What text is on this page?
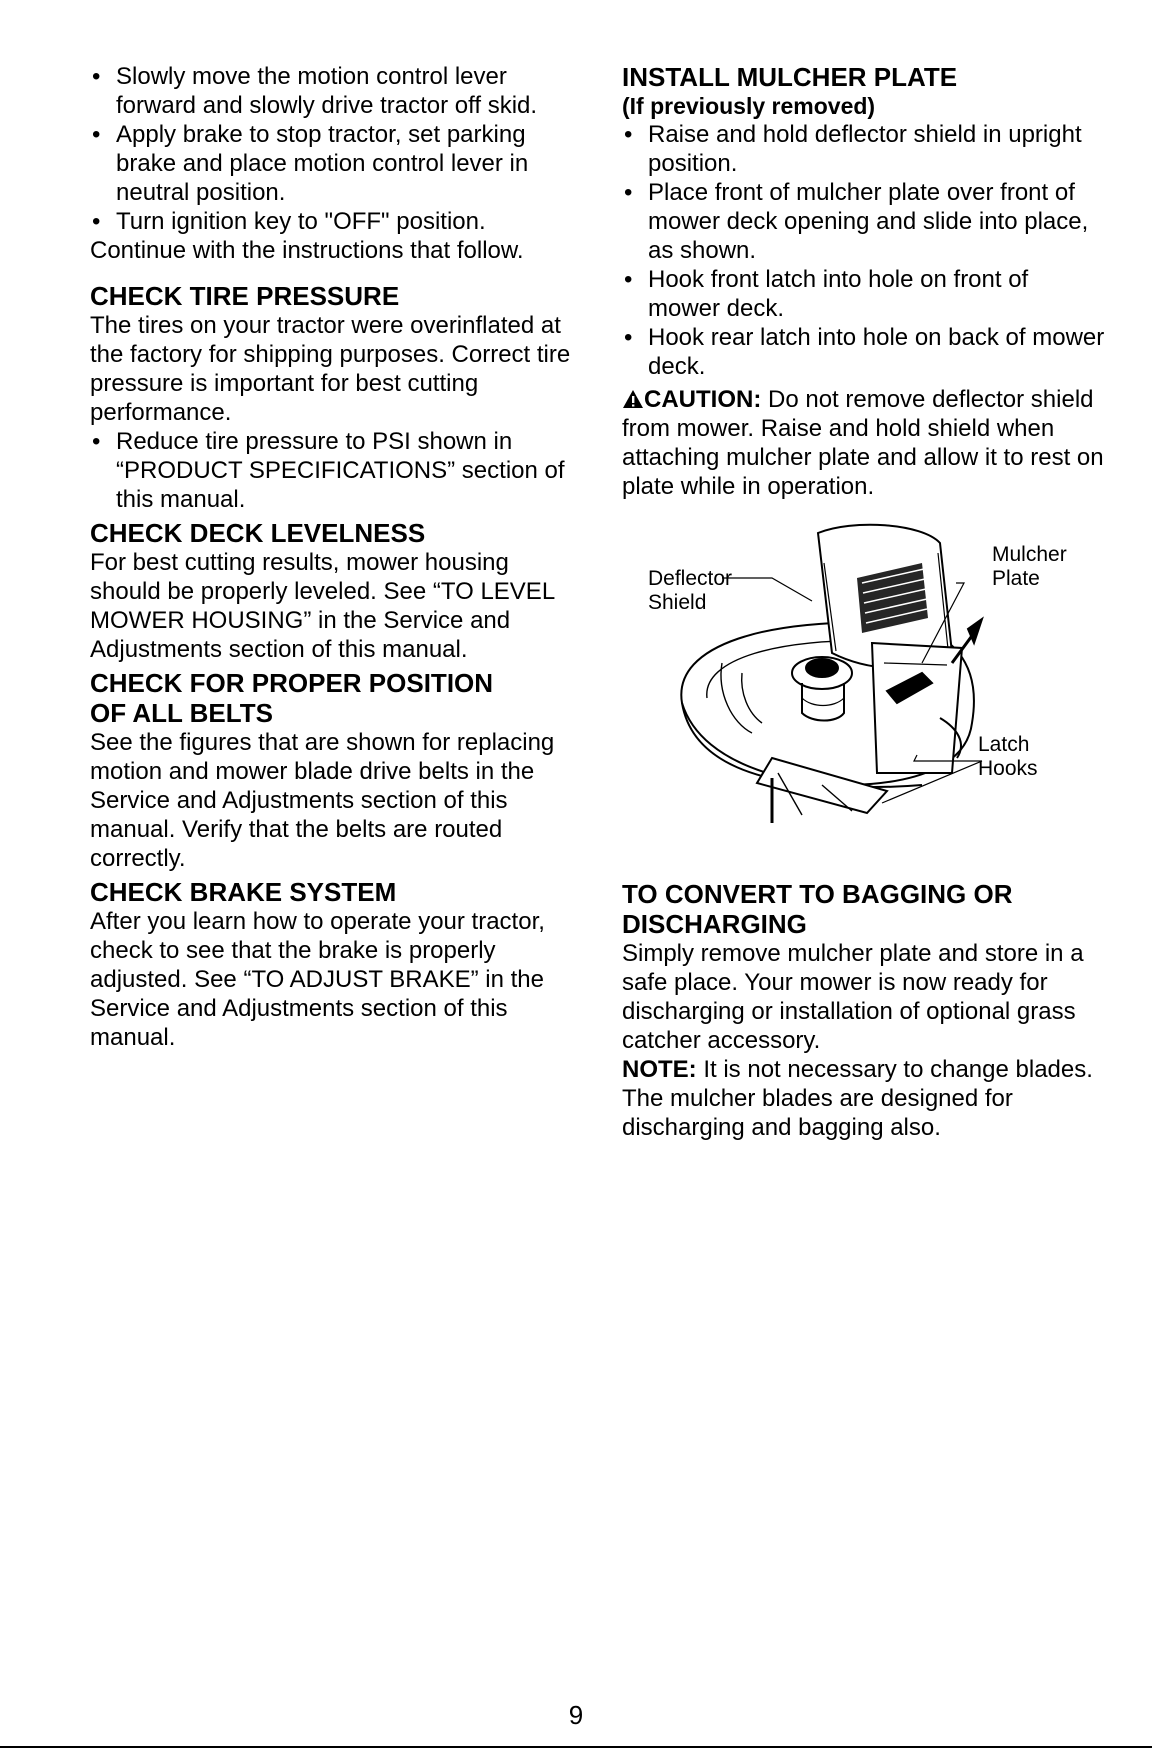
• Slowly move the motion control lever forward and slowly drive tractor off skid.
• Apply brake to stop tractor, set parking brake and place motion control lever in neutral position.
• Turn ignition key to "OFF" position.

Continue with the instructions that follow.

CHECK TIRE PRESSURE

The tires on your tractor were overinflated at the factory for shipping purposes. Correct tire pressure is important for best cutting performance.

• Reduce tire pressure to PSI shown in “PRODUCT SPECIFICATIONS” section of this manual.
CHECK DECK LEVELNESS

For best cutting results, mower housing should be properly leveled. See “TO LEVEL MOWER HOUSING” in the Service and Adjustments section of this manual.

CHECK FOR PROPER POSITION
OF ALL BELTS

See the figures that are shown for replacing motion and mower blade drive belts in the Service and Adjustments section of this manual. Verify that the belts are routed correctly.

CHECK BRAKE SYSTEM

After you learn how to operate your tractor, check to see that the brake is properly adjusted. See “TO ADJUST BRAKE” in the Service and Adjustments section of this manual.

INSTALL MULCHER PLATE
(If previously removed)
• Raise and hold deflector shield in upright position.
• Place front of mulcher plate over front of mower deck opening and slide into place, as shown.
• Hook front latch into hole on front of mower deck.
• Hook rear latch into hole on back of mower deck.

CAUTION: Do not remove deflector shield from mower. Raise and hold shield when attaching mulcher plate and allow it to rest on plate while in operation.

Deflector
Shield
Mulcher
Plate
Latch
Hooks
TO CONVERT TO BAGGING OR
DISCHARGING

Simply remove mulcher plate and store in a safe place. Your mower is now ready for discharging or installation of optional grass catcher accessory.

NOTE: It is not necessary to change blades. The mulcher blades are designed for discharging and bagging also.

9
